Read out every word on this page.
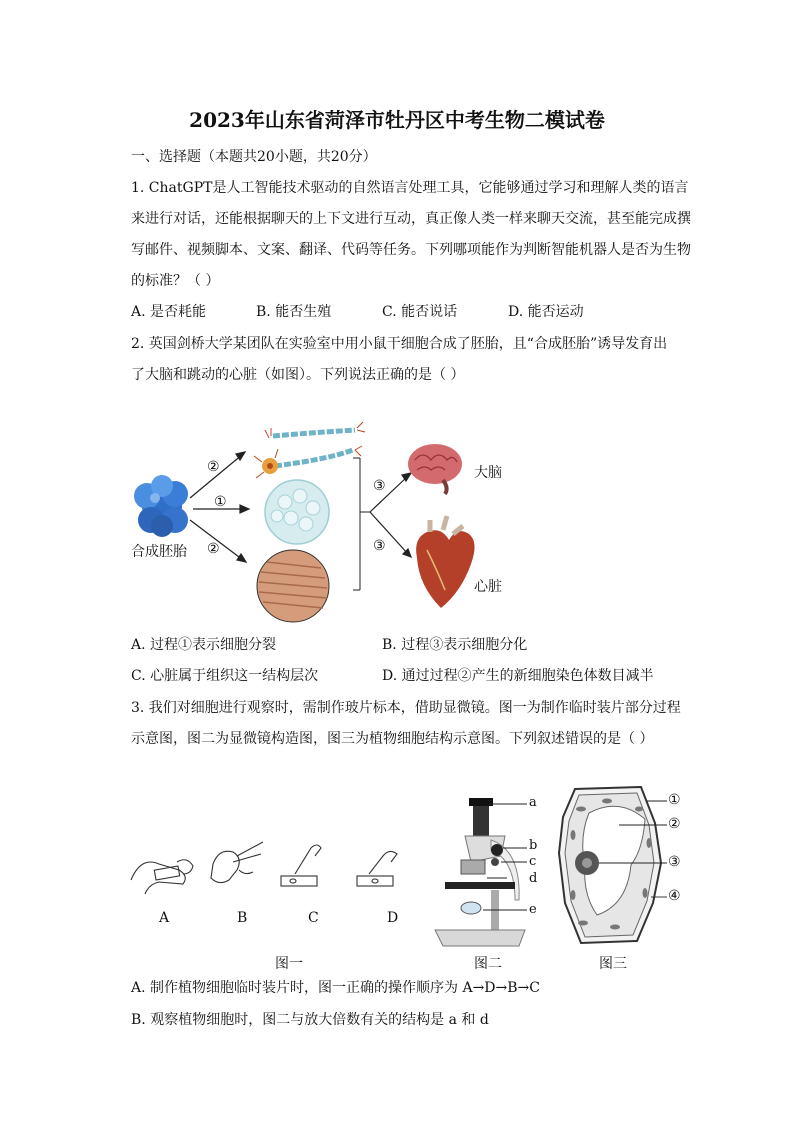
2023年山东省菏泽市牡丹区中考生物二模试卷
一、选择题（本题共20小题，共20分）
1. ChatGPT是人工智能技术驱动的自然语言处理工具，它能够通过学习和理解人类的语言
来进行对话，还能根据聊天的上下文进行互动，真正像人类一样来聊天交流，甚至能完成撰
写邮件、视频脚本、文案、翻译、代码等任务。下列哪项能作为判断智能机器人是否为生物
的标准？（ ）
A. 是否耗能	B. 能否生殖	C. 能否说话	D. 能否运动
2. 英国剑桥大学某团队在实验室中用小鼠干细胞合成了胚胎，且“合成胚胎”诱导发育出
了大脑和跳动的心脏（如图）。下列说法正确的是（ ）
②
①
②
③
③
合成胚胎
大脑
心脏
A. 过程①表示细胞分裂	B. 过程③表示细胞分化
C. 心脏属于组织这一结构层次	D. 通过过程②产生的新细胞染色体数目减半
3. 我们对细胞进行观察时，需制作玻片标本，借助显微镜。图一为制作临时装片部分过程
示意图，图二为显微镜构造图，图三为植物细胞结构示意图。下列叙述错误的是（ ）
A	B	C	D
图一
a
b
c
d
e
图二
①
②
③
④
图三
A. 制作植物细胞临时装片时，图一正确的操作顺序为 A→D→B→C
B. 观察植物细胞时，图二与放大倍数有关的结构是 a 和 d
